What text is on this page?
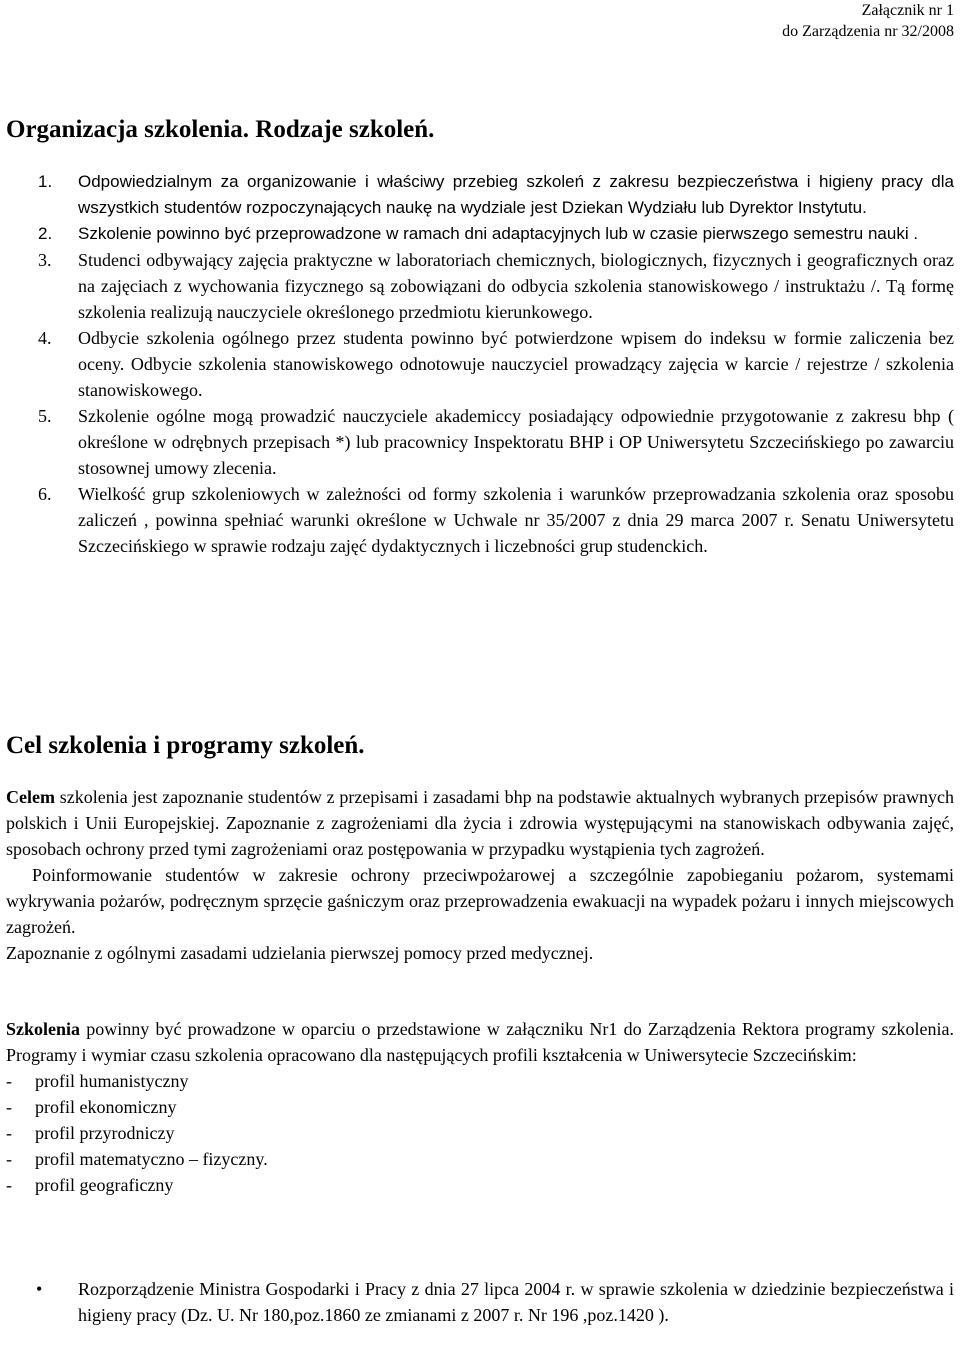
Załącznik nr 1
do Zarządzenia nr 32/2008
Organizacja szkolenia. Rodzaje szkoleń.
1. Odpowiedzialnym za organizowanie i właściwy przebieg szkoleń z zakresu bezpieczeństwa i higieny pracy dla wszystkich studentów rozpoczynających naukę na wydziale jest Dziekan Wydziału lub Dyrektor Instytutu.
2. Szkolenie powinno być przeprowadzone w ramach dni adaptacyjnych lub w czasie pierwszego semestru nauki .
3. Studenci odbywający zajęcia praktyczne w laboratoriach chemicznych, biologicznych, fizycznych i geograficznych oraz na zajęciach z wychowania fizycznego są zobowiązani do odbycia szkolenia stanowiskowego / instruktażu /. Tą formę szkolenia realizują nauczyciele określonego przedmiotu kierunkowego.
4. Odbycie szkolenia ogólnego przez studenta powinno być potwierdzone wpisem do indeksu w formie zaliczenia bez oceny. Odbycie szkolenia stanowiskowego odnotowuje nauczyciel prowadzący zajęcia w karcie / rejestrze / szkolenia stanowiskowego.
5. Szkolenie ogólne mogą prowadzić nauczyciele akademiccy posiadający odpowiednie przygotowanie z zakresu bhp ( określone w odrębnych przepisach *) lub pracownicy Inspektoratu BHP i OP Uniwersytetu Szczecińskiego po zawarciu stosownej umowy zlecenia.
6. Wielkość grup szkoleniowych w zależności od formy szkolenia i warunków przeprowadzania szkolenia oraz sposobu zaliczeń , powinna spełniać warunki określone w Uchwale nr 35/2007 z dnia 29 marca 2007 r. Senatu Uniwersytetu Szczecińskiego w sprawie rodzaju zajęć dydaktycznych i liczebności grup studenckich.
Cel szkolenia i programy szkoleń.

Celem szkolenia jest zapoznanie studentów z przepisami i zasadami bhp na podstawie aktualnych wybranych przepisów prawnych polskich i Unii Europejskiej. Zapoznanie z zagrożeniami dla życia i zdrowia występującymi na stanowiskach odbywania zajęć, sposobach ochrony przed tymi zagrożeniami oraz postępowania w przypadku wystąpienia tych zagrożeń.

Poinformowanie studentów w zakresie ochrony przeciwpożarowej a szczególnie zapobieganiu pożarom, systemami wykrywania pożarów, podręcznym sprzęcie gaśniczym oraz przeprowadzenia ewakuacji na wypadek pożaru i innych miejscowych zagrożeń.

Zapoznanie z ogólnymi zasadami udzielania pierwszej pomocy przed medycznej.

Szkolenia powinny być prowadzone w oparciu o przedstawione w załączniku Nr1 do Zarządzenia Rektora programy szkolenia. Programy i wymiar czasu szkolenia opracowano dla następujących profili kształcenia w Uniwersytecie Szczecińskim:

- profil humanistyczny
- profil ekonomiczny
- profil przyrodniczy
- profil matematyczno – fizyczny.
- profil geograficzny
• Rozporządzenie Ministra Gospodarki i Pracy z dnia 27 lipca 2004 r. w sprawie szkolenia w dziedzinie bezpieczeństwa i higieny pracy (Dz. U. Nr 180,poz.1860 ze zmianami z 2007 r. Nr 196 ,poz.1420 ).
